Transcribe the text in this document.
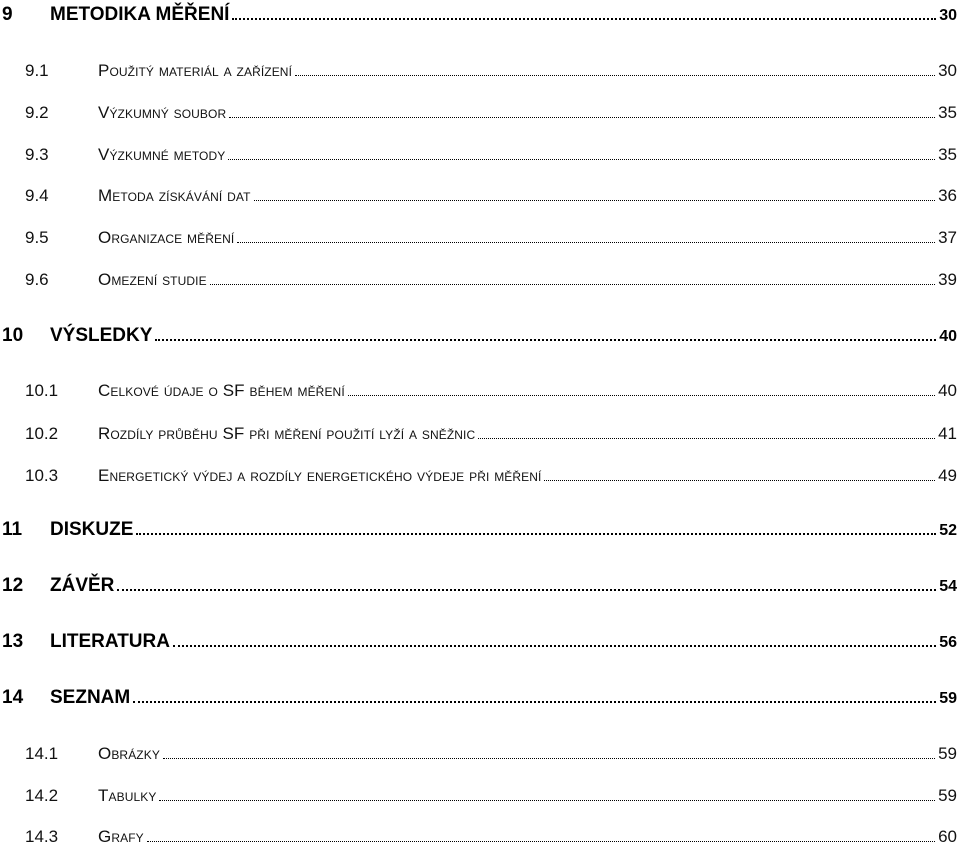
9	METODIKA MĚŘENÍ	30
9.1	Použitý materiál a zařízení	30
9.2	Výzkumný soubor	35
9.3	Výzkumné metody	35
9.4	Metoda získávání dat	36
9.5	Organizace měření	37
9.6	Omezení studie	39
10	VÝSLEDKY	40
10.1	Celkové údaje o SF během měření	40
10.2	Rozdíly průběhu SF při měření použití lyží a sněžnic	41
10.3	Energetický výdej a rozdíly energetického výdeje při měření	49
11	DISKUZE	52
12	ZÁVĚR	54
13	LITERATURA	56
14	SEZNAM	59
14.1	Obrázky	59
14.2	Tabulky	59
14.3	Grafy	60
